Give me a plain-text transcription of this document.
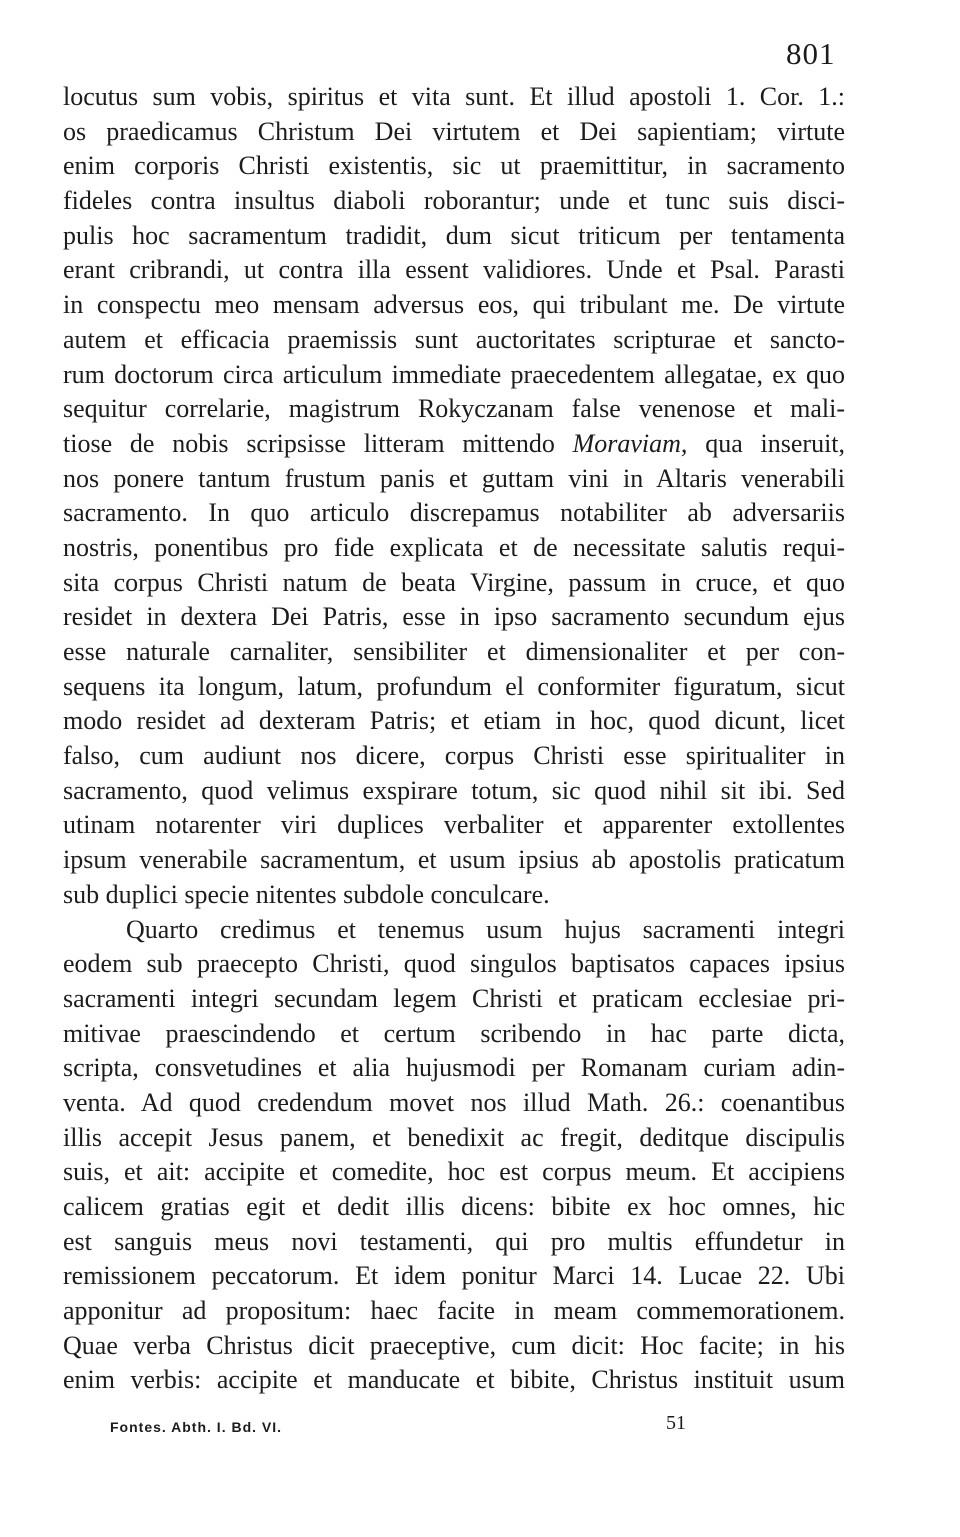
801
locutus sum vobis, spiritus et vita sunt. Et illud apostoli 1. Cor. 1.:
os praedicamus Christum Dei virtutem et Dei sapientiam; virtute
enim corporis Christi existentis, sic ut praemittitur, in sacramento
fideles contra insultus diaboli roborantur; unde et tunc suis disci-
pulis hoc sacramentum tradidit, dum sicut triticum per tentamenta
erant cribrandi, ut contra illa essent validiores. Unde et Psal. Parasti
in conspectu meo mensam adversus eos, qui tribulant me. De virtute
autem et efficacia praemissis sunt auctoritates scripturae et sancto-
rum doctorum circa articulum immediate praecedentem allegatae, ex quo
sequitur correlarie, magistrum Rokyczanam false venenose et mali-
tiose de nobis scripsisse litteram mittendo Moraviam, qua inseruit,
nos ponere tantum frustum panis et guttam vini in Altaris venerabili
sacramento. In quo articulo discrepamus notabiliter ab adversariis
nostris, ponentibus pro fide explicata et de necessitate salutis requi-
sita corpus Christi natum de beata Virgine, passum in cruce, et quo
residet in dextera Dei Patris, esse in ipso sacramento secundum ejus
esse naturale carnaliter, sensibiliter et dimensionaliter et per con-
sequens ita longum, latum, profundum el conformiter figuratum, sicut
modo residet ad dexteram Patris; et etiam in hoc, quod dicunt, licet
falso, cum audiunt nos dicere, corpus Christi esse spiritualiter in
sacramento, quod velimus exspirare totum, sic quod nihil sit ibi. Sed
utinam notarenter viri duplices verbaliter et apparenter extollentes
ipsum venerabile sacramentum, et usum ipsius ab apostolis praticatum
sub duplici specie nitentes subdole conculcare.
Quarto credimus et tenemus usum hujus sacramenti integri
eodem sub praecepto Christi, quod singulos baptisatos capaces ipsius
sacramenti integri secundam legem Christi et praticam ecclesiae pri-
mitivae praescindendo et certum scribendo in hac parte dicta,
scripta, consvetudines et alia hujusmodi per Romanam curiam adin-
venta. Ad quod credendum movet nos illud Math. 26.: coenantibus
illis accepit Jesus panem, et benedixit ac fregit, deditque discipulis
suis, et ait: accipite et comedite, hoc est corpus meum. Et accipiens
calicem gratias egit et dedit illis dicens: bibite ex hoc omnes, hic
est sanguis meus novi testamenti, qui pro multis effundetur in
remissionem peccatorum. Et idem ponitur Marci 14. Lucae 22. Ubi
apponitur ad propositum: haec facite in meam commemorationem.
Quae verba Christus dicit praeceptive, cum dicit: Hoc facite; in his
enim verbis: accipite et manducate et bibite, Christus instituit usum
Fontes. Abth. I. Bd. VI.	51
